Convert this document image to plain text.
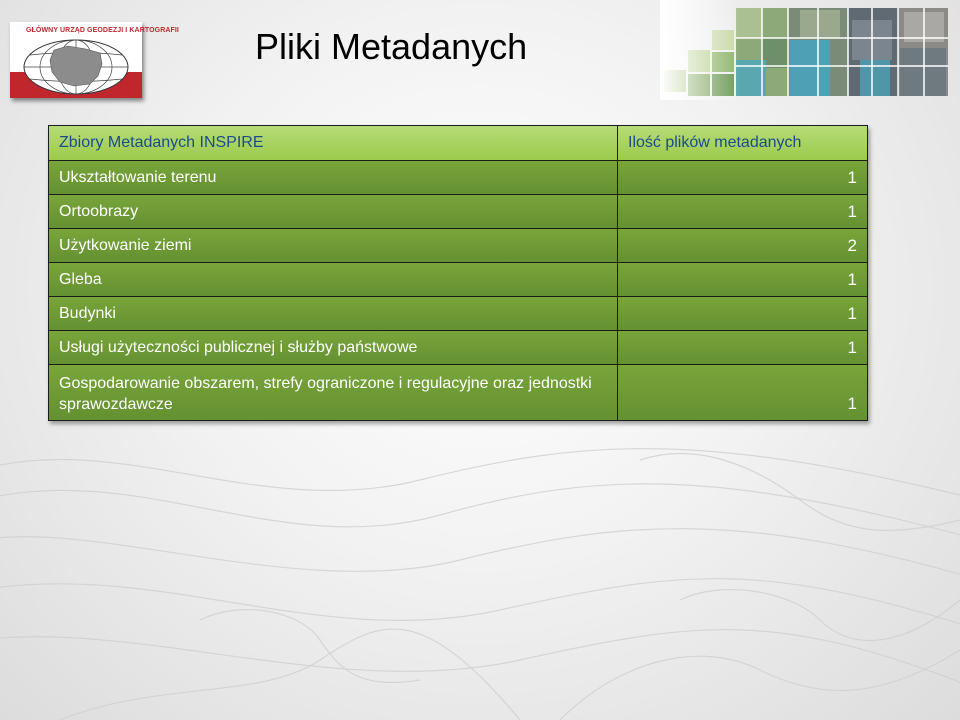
GŁÓWNY URZĄD GEODEZJI I KARTOGRAFII Pliki Metadanych
Zbiory Metadanych INSPIRE	Ilość plików metadanych
Ukształtowanie terenu	1
Ortoobrazy	1
Użytkowanie ziemi	2
Gleba	1
Budynki	1
Usługi użyteczności publicznej i służby państwowe	1
Gospodarowanie obszarem, strefy ograniczone i regulacyjne oraz jednostki sprawozdawcze	1
